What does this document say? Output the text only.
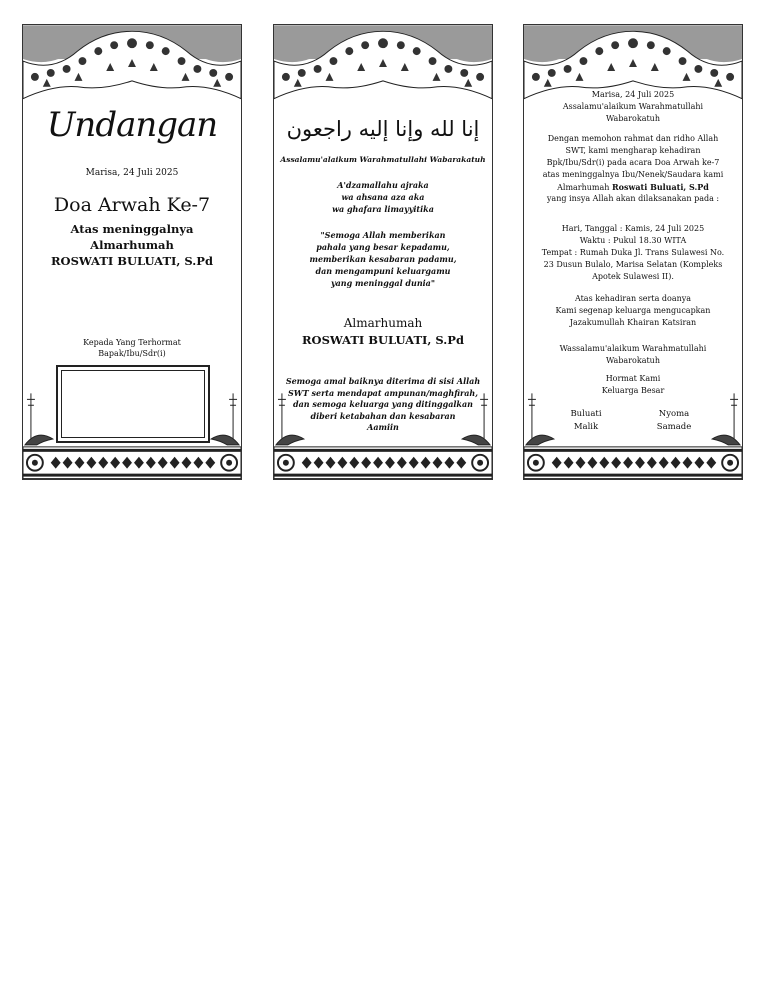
Undangan

Marisa, 24 Juli 2025

Doa Arwah Ke-7

Atas meninggalnya

Almarhumah

ROSWATI BULUATI, S.Pd

Kepada Yang Terhormat

Bapak/Ibu/Sdr(i)

إنا لله وإنا إليه راجعون

Assalamu'alaikum Warahmatullahi Wabarakatuh

A'dzamallahu ajraka

wa ahsana aza aka

wa ghafara limayyitika

"Semoga Allah memberikan

pahala yang besar kepadamu,

memberikan kesabaran padamu,

dan mengampuni keluargamu

yang meninggal dunia"

Almarhumah

ROSWATI BULUATI, S.Pd

Semoga amal baiknya diterima di sisi Allah

SWT serta mendapat ampunan/maghfirah,

dan semoga keluarga yang ditinggalkan

diberi ketabahan dan kesabaran

Aamiin

Marisa, 24 Juli 2025

Assalamu'alaikum Warahmatullahi

Wabarokatuh

Dengan memohon rahmat dan ridho Allah

SWT, kami mengharap kehadiran

Bpk/Ibu/Sdr(i) pada acara Doa Arwah ke-7

atas meninggalnya Ibu/Nenek/Saudara kami

Almarhumah Roswati Buluati, S.Pd

yang insya Allah akan dilaksanakan pada :

Hari, Tanggal : Kamis, 24 Juli 2025

Waktu : Pukul 18.30 WITA

Tempat : Rumah Duka Jl. Trans Sulawesi No.

23 Dusun Bulalo, Marisa Selatan (Kompleks

Apotek Sulawesi II).

Atas kehadiran serta doanya

Kami segenap keluarga mengucapkan

Jazakumullah Khairan Katsiran

Wassalamu'alaikum Warahmatullahi

Wabarokatuh

Hormat Kami

Keluarga Besar

Buluati
Malik
Nyoma
Samade
